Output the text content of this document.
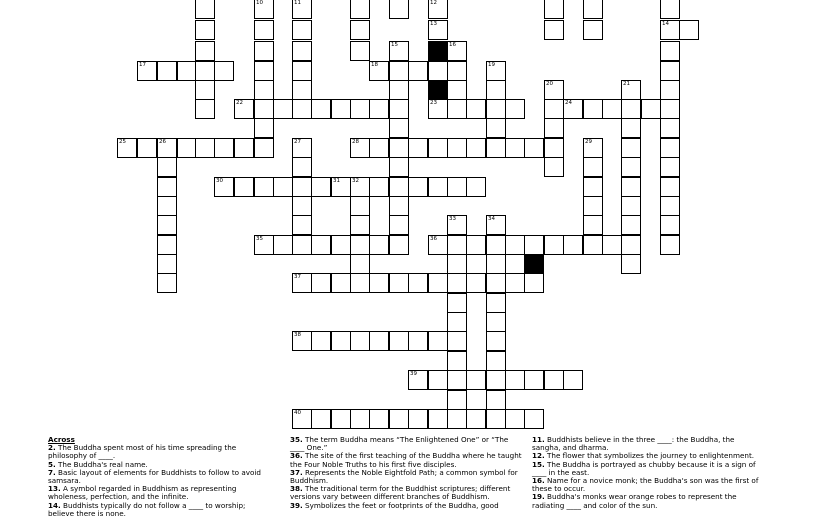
17	18
22	24
25	26	28
30	31 32
35	36
37
38
39
40
14
10	11
13
23
15	16
19
20	21
27	29
33	34
12

Across

2. The Buddha spent most of his time spreading the philosophy of ____.

5. The Buddha's real name.

7. Basic layout of elements for Buddhists to follow to avoid samsara.

13. A symbol regarded in Buddhism as representing wholeness, perfection, and the infinite.

14. Buddhists typically do not follow a ____ to worship; believe there is none.

35. The term Buddha means “The Enlightened One” or “The ____ One.”

36. The site of the first teaching of the Buddha where he taught the Four Noble Truths to his first five disciples.

37. Represents the Noble Eightfold Path; a common symbol for Buddhism.

38. The traditional term for the Buddhist scriptures; different versions vary between different branches of Buddhism.

39. Symbolizes the feet or footprints of the Buddha, good

11. Buddhists believe in the three ____: the Buddha, the sangha, and dharma.

12. The flower that symbolizes the journey to enlightenment.

15. The Buddha is portrayed as chubby because it is a sign of ____ in the east.

16. Name for a novice monk; the Buddha's son was the first of these to occur.

19. Buddha's monks wear orange robes to represent the radiating ____ and color of the sun.
